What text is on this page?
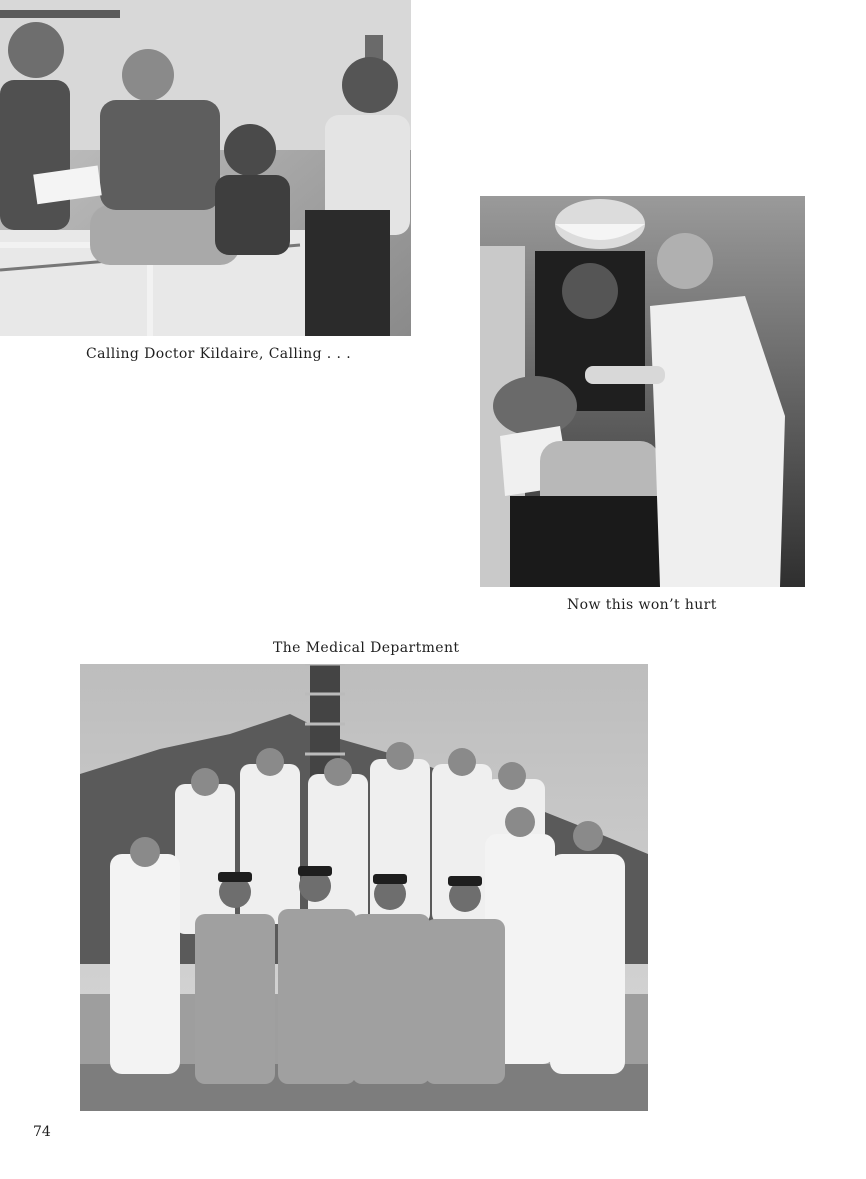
Calling Doctor Kildaire, Calling . . .
Now this won’t hurt
The Medical Department
74
